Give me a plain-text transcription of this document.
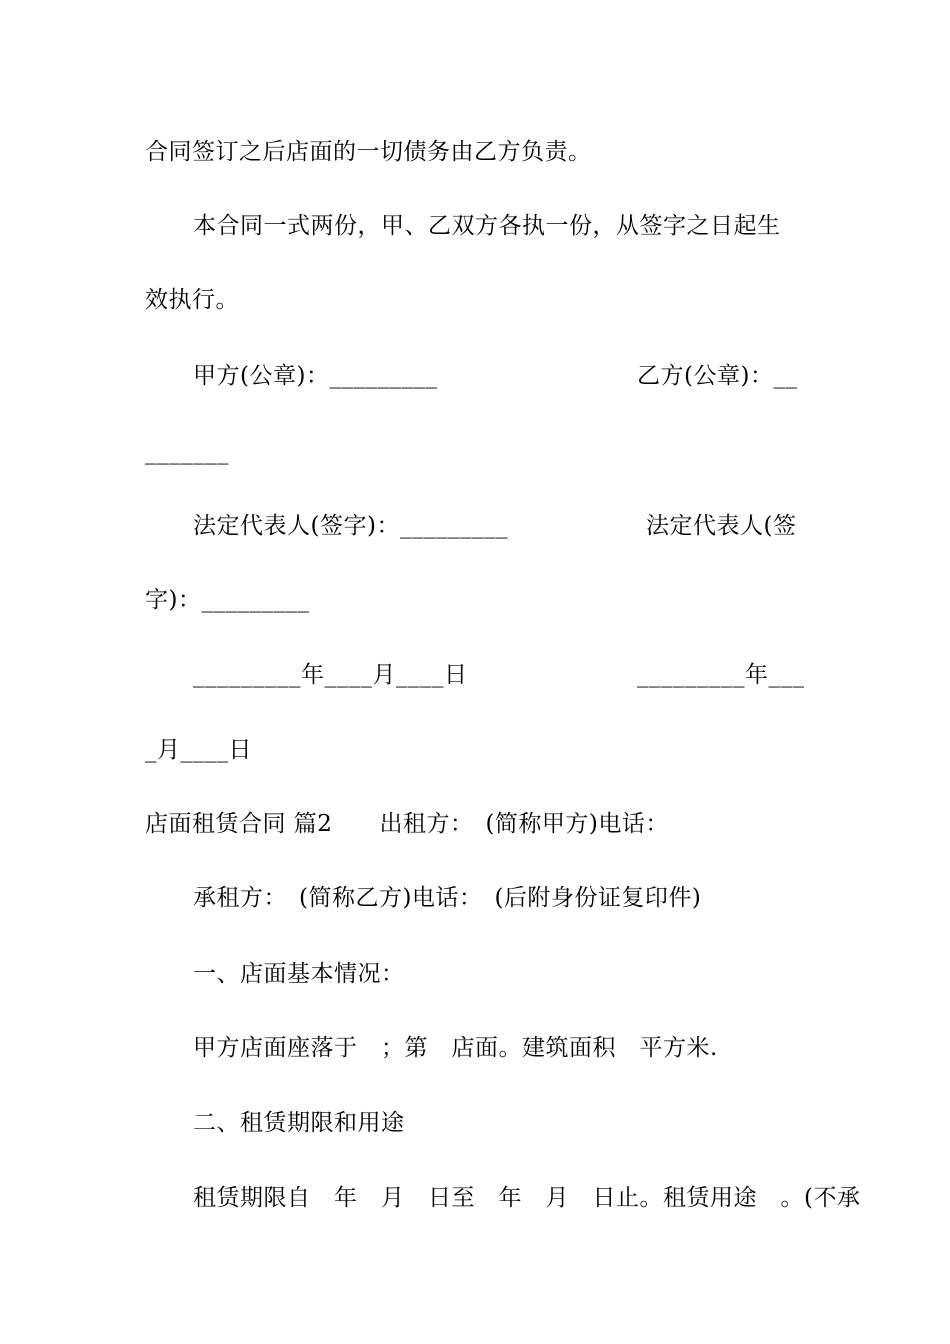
合同签订之后店面的一切债务由乙方负责。
本合同一式两份，甲、乙双方各执一份，从签字之日起生
效执行。
甲方(公章)：_________	乙方(公章)：__
_______
法定代表人(签字)：_________	法定代表人(签
字)：_________
_________年____月____日	_________年___
_月____日
店面租赁合同 篇2　　出租方：　(简称甲方)电话：
承租方：　(简称乙方)电话：　(后附身份证复印件)
一、店面基本情况：
甲方店面座落于　；第　店面。建筑面积　平方米.
二、租赁期限和用途
租赁期限自　年　月　日至　年　月　日止。租赁用途　。(不承
